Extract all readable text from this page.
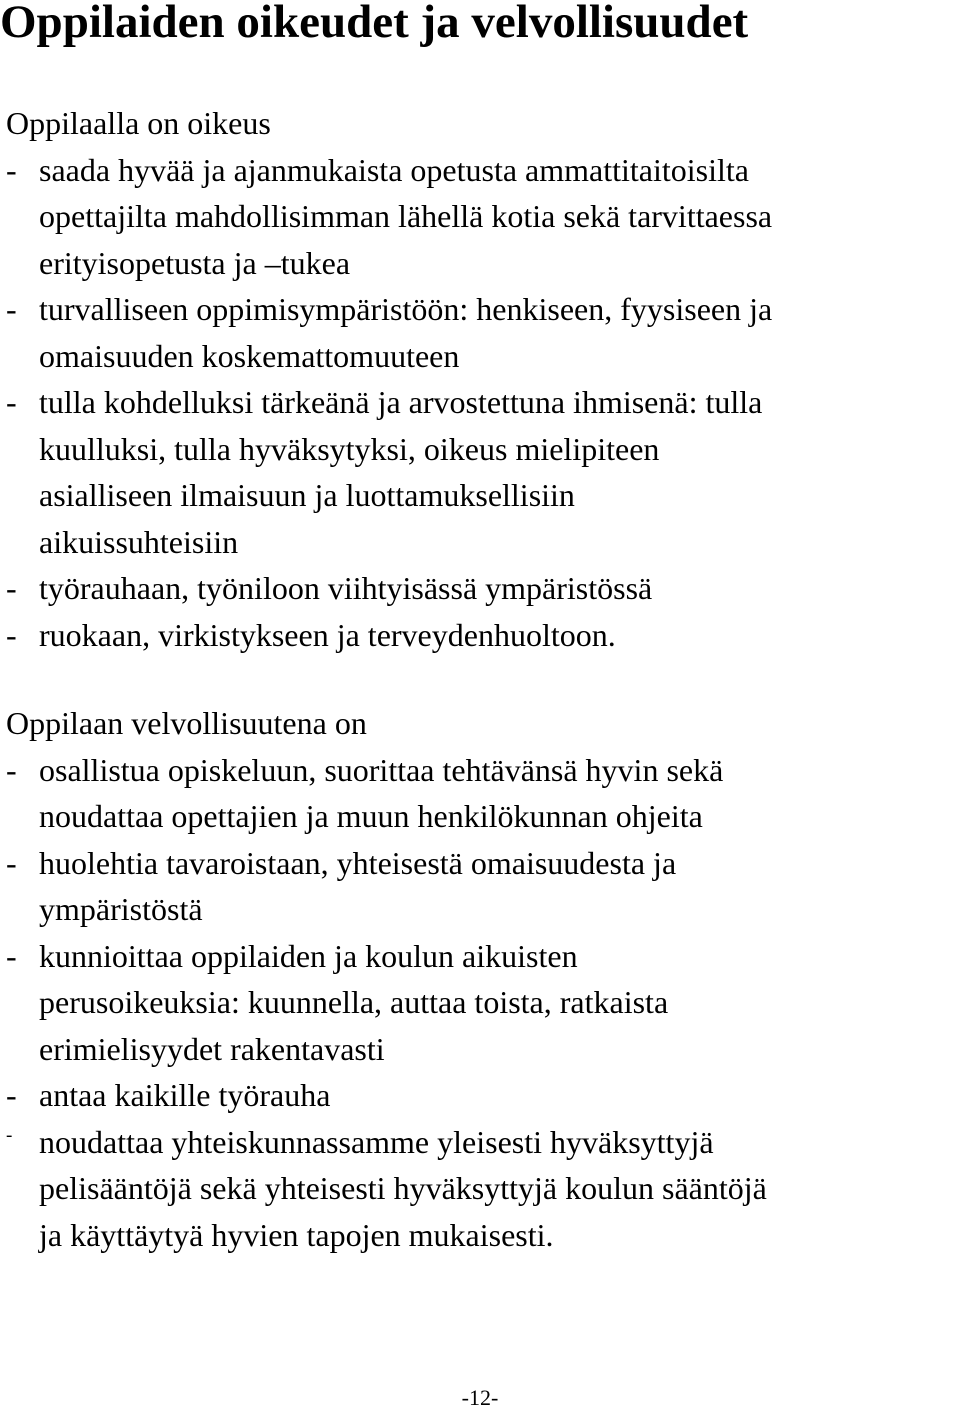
Oppilaiden oikeudet ja velvollisuudet
Oppilaalla on oikeus
- saada hyvää ja ajanmukaista opetusta ammattitaitoisilta
opettajilta mahdollisimman lähellä kotia sekä tarvittaessa
erityisopetusta ja –tukea
- turvalliseen oppimisympäristöön: henkiseen, fyysiseen ja
omaisuuden koskemattomuuteen
- tulla kohdelluksi tärkeänä ja arvostettuna ihmisenä: tulla
kuulluksi, tulla hyväksytyksi, oikeus mielipiteen
asialliseen ilmaisuun ja luottamuksellisiin
aikuissuhteisiin
- työrauhaan, työniloon viihtyisässä ympäristössä
- ruokaan, virkistykseen ja terveydenhuoltoon.
Oppilaan velvollisuutena on
- osallistua opiskeluun, suorittaa tehtävänsä hyvin sekä
noudattaa opettajien ja muun henkilökunnan ohjeita
- huolehtia tavaroistaan, yhteisestä omaisuudesta ja
ympäristöstä
- kunnioittaa oppilaiden ja koulun aikuisten
perusoikeuksia: kuunnella, auttaa toista, ratkaista
erimielisyydet rakentavasti
- antaa kaikille työrauha
- noudattaa yhteiskunnassamme yleisesti hyväksyttyjä
pelisääntöjä sekä yhteisesti hyväksyttyjä koulun sääntöjä
ja käyttäytyä hyvien tapojen mukaisesti.
-12-
